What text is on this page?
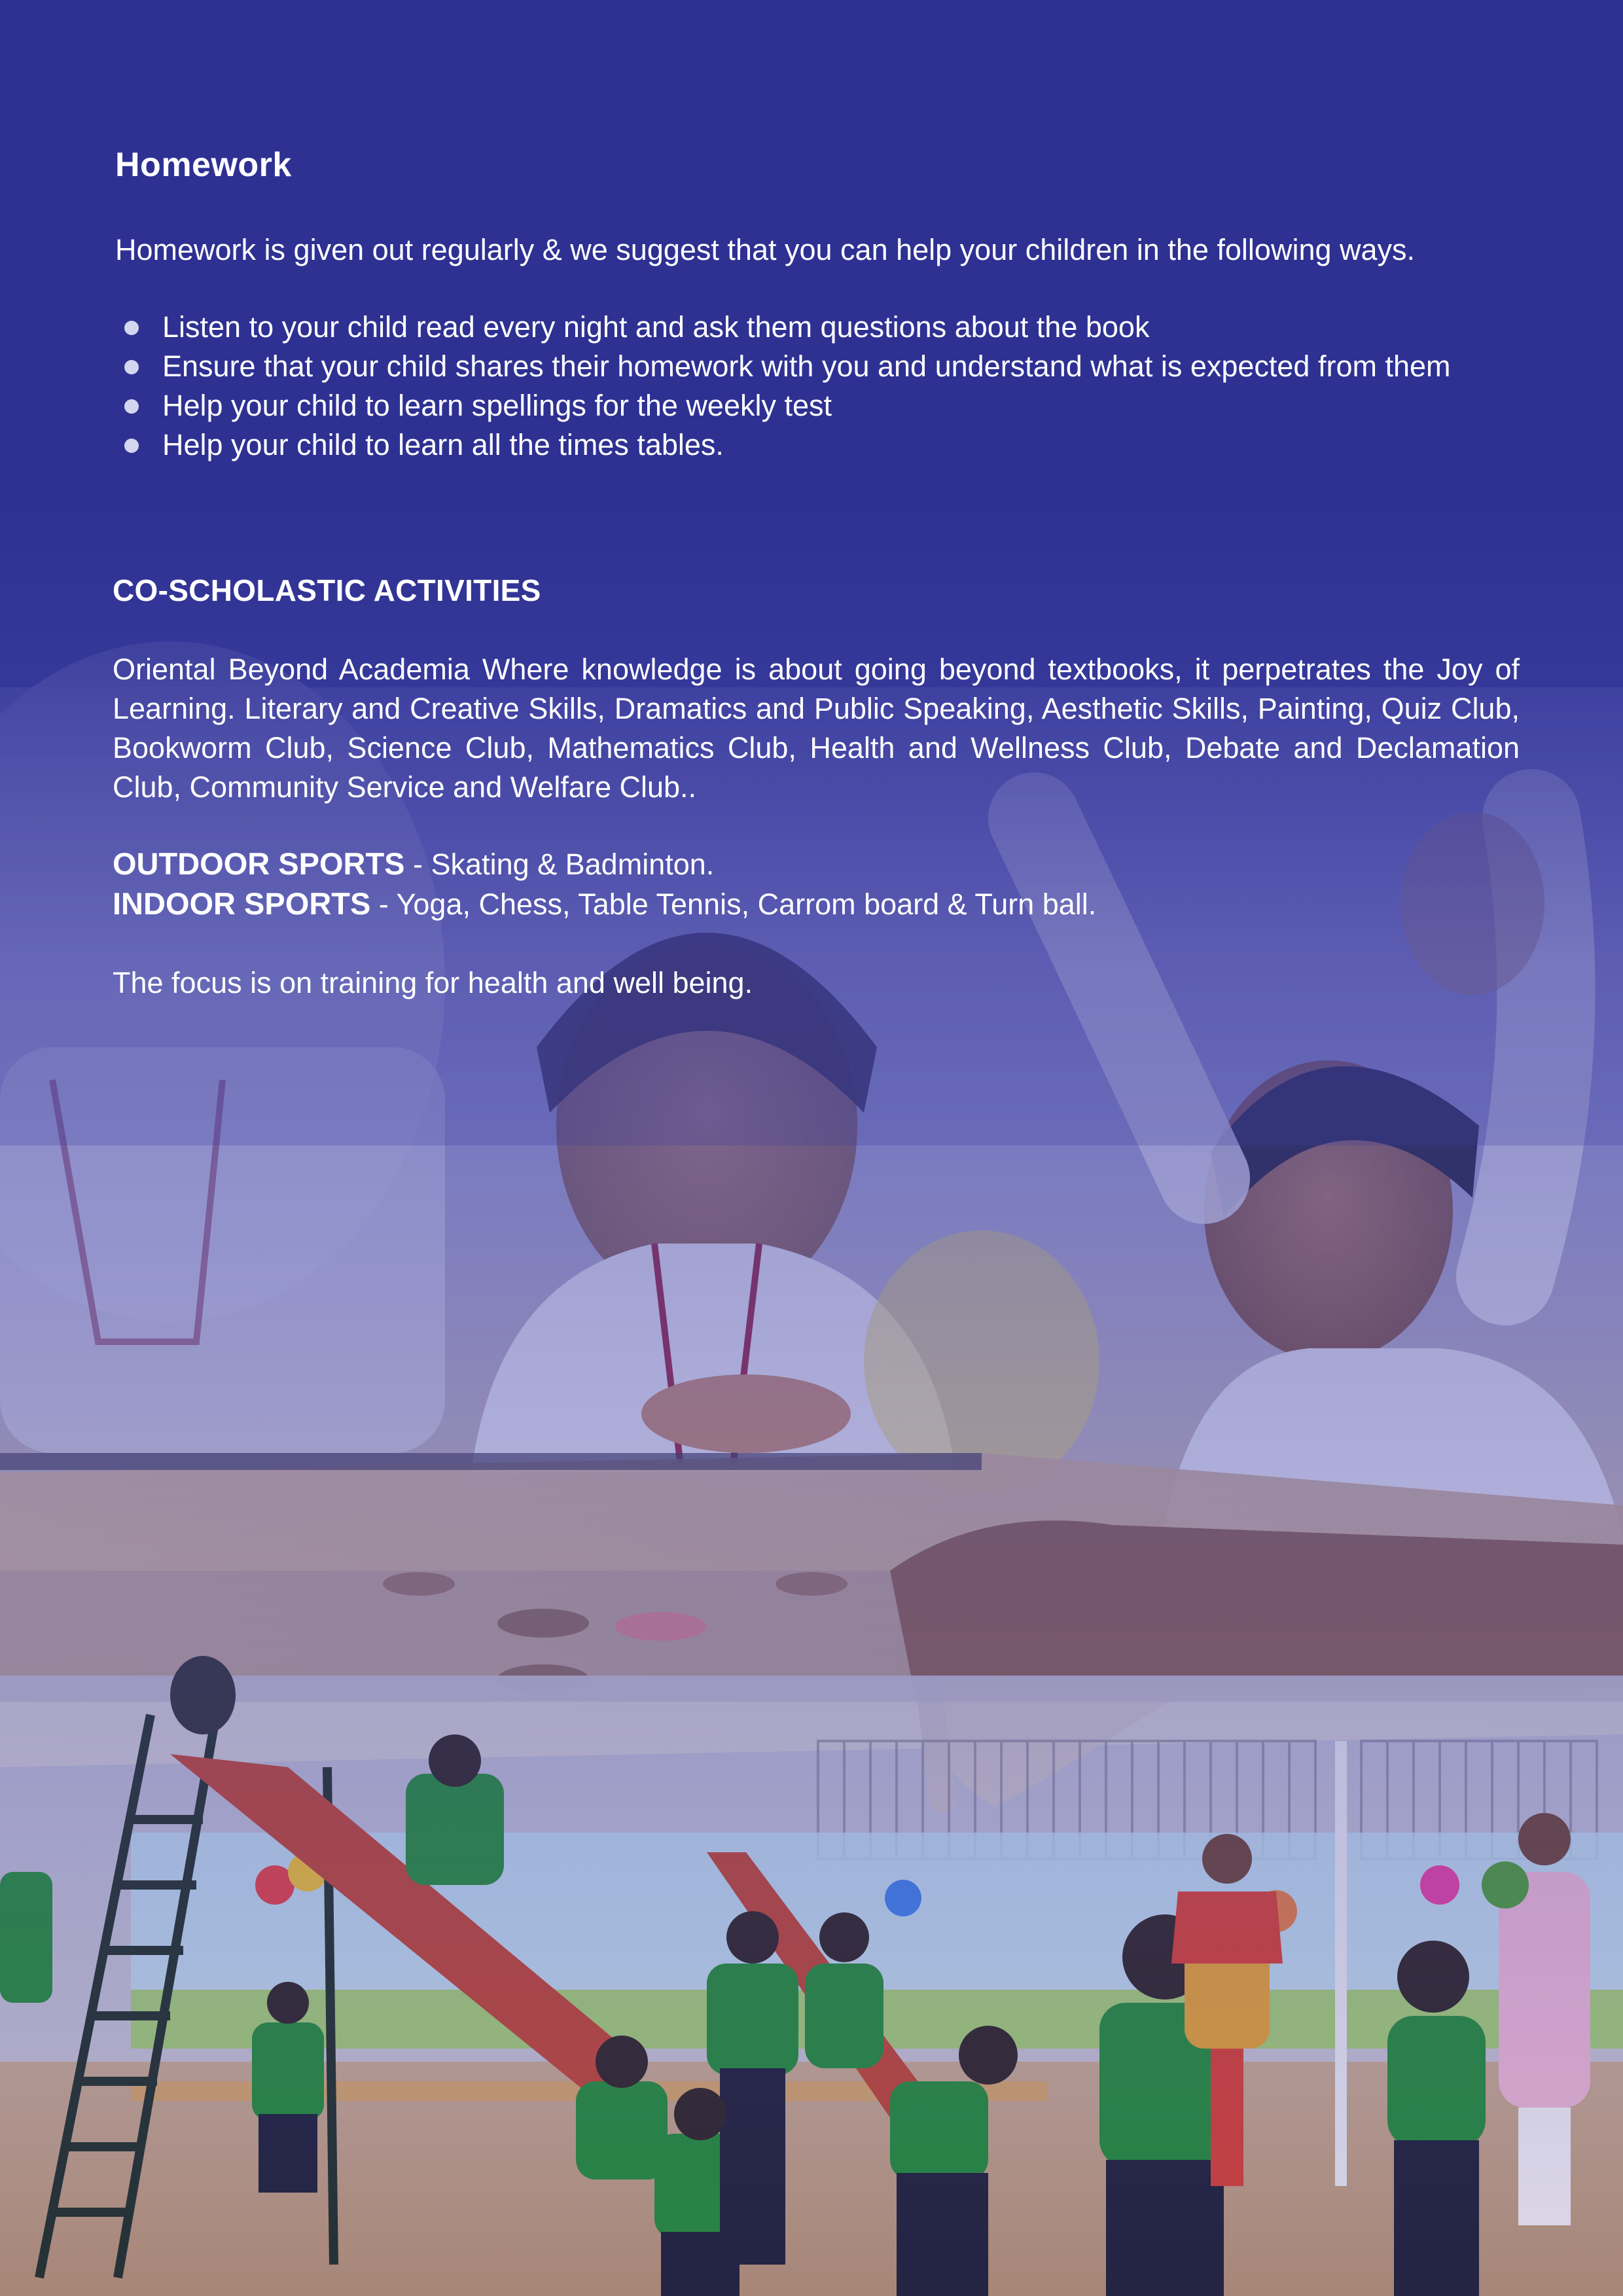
Homework

Homework is given out regularly & we suggest that you can help your children in the following ways.

Listen to your child read every night and ask them questions about the book
Ensure that your child shares their homework with you and understand what is expected from them
Help your child to learn spellings for the weekly test
Help your child to learn all the times tables.
CO-SCHOLASTIC ACTIVITIES

Oriental Beyond Academia Where knowledge is about going beyond textbooks, it perpetrates the Joy of Learning. Literary and Creative Skills, Dramatics and Public Speaking, Aesthetic Skills, Painting, Quiz Club, Bookworm Club, Science Club, Mathematics Club, Health and Wellness Club, Debate and Declamation Club, Community Service and Welfare Club..

OUTDOOR SPORTS - Skating & Badminton.
INDOOR SPORTS - Yoga, Chess, Table Tennis, Carrom board & Turn ball.

The focus is on training for health and well being.
